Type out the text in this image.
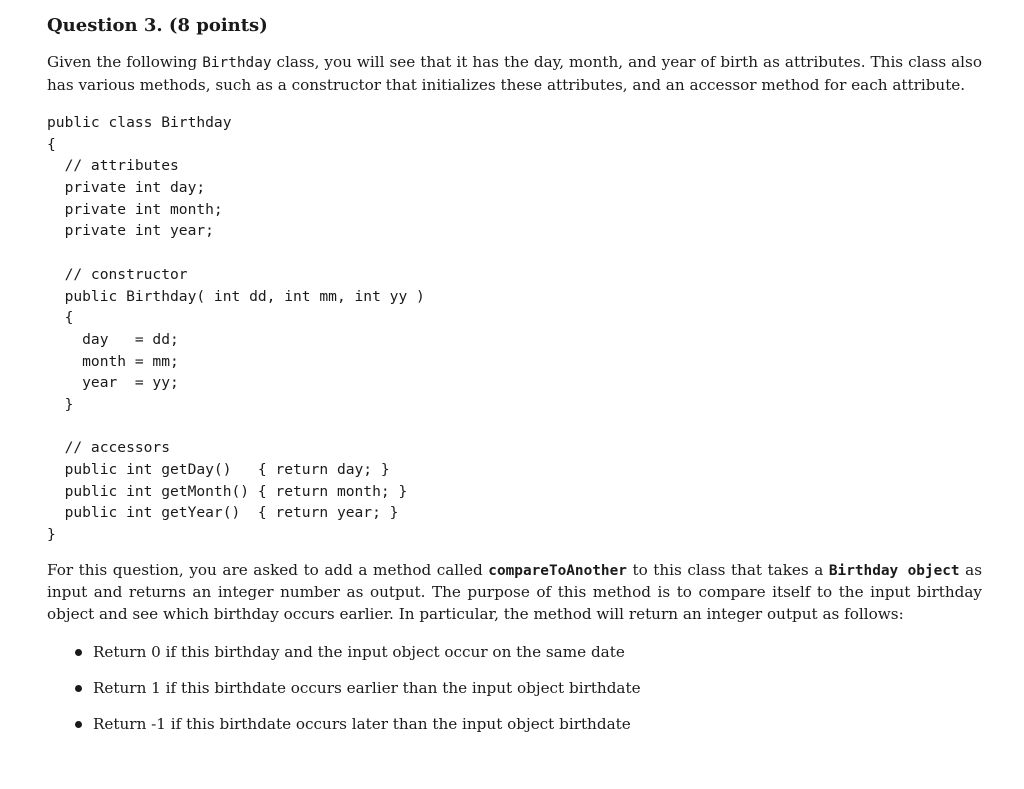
Question 3. (8 points)

Given the following Birthday class, you will see that it has the day, month, and year of birth as attributes. This class also has various methods, such as a constructor that initializes these attributes, and an accessor method for each attribute.

public class Birthday
{
// attributes
private int day;
private int month;
private int year;
// constructor
public Birthday( int dd, int mm, int yy )
{
day   = dd;
month = mm;
year  = yy;
}
// accessors
public int getDay()   { return day; }
public int getMonth() { return month; }
public int getYear()  { return year; }
}

For this question, you are asked to add a method called compareToAnother to this class that takes a Birthday object as input and returns an integer number as output. The purpose of this method is to compare itself to the input birthday object and see which birthday occurs earlier. In particular, the method will return an integer output as follows:

Return 0 if this birthday and the input object occur on the same date
Return 1 if this birthdate occurs earlier than the input object birthdate
Return -1 if this birthdate occurs later than the input object birthdate
